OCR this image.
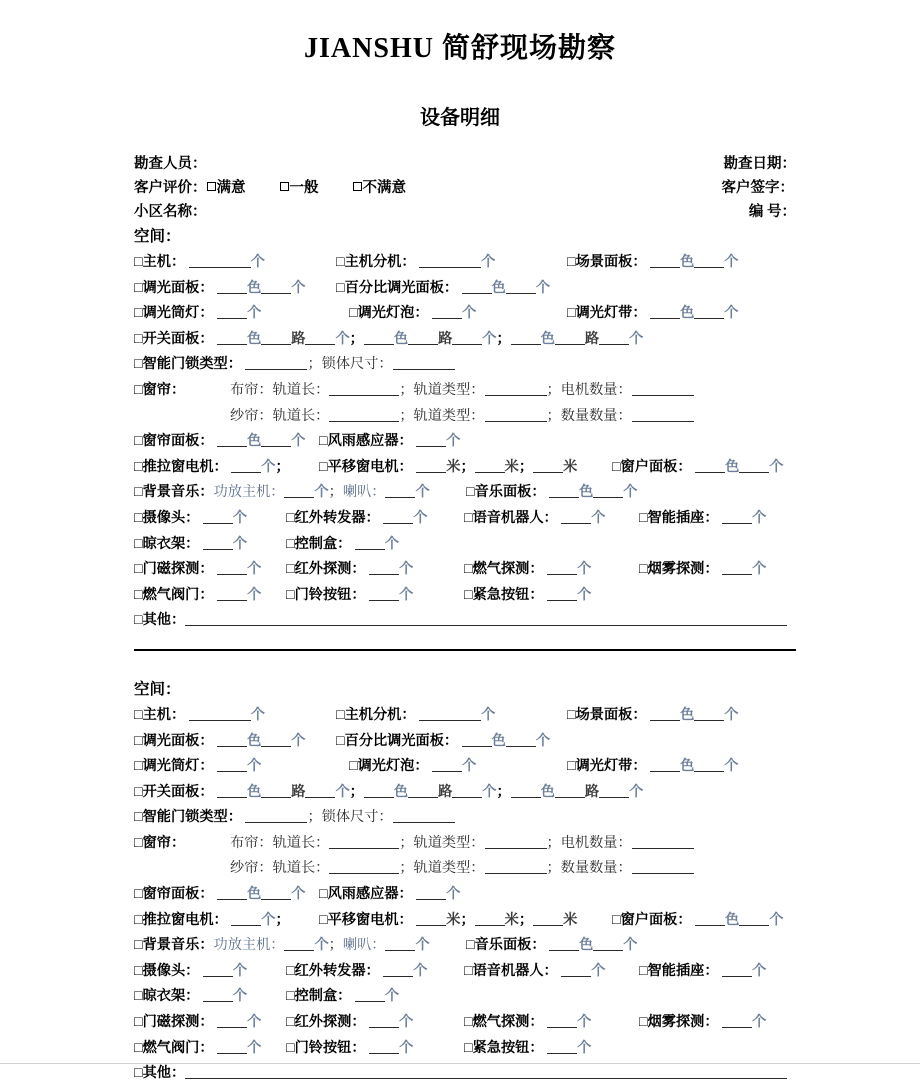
JIANSHU 简舒现场勘察
设备明细
勘查人员：	勘查日期：
客户评价： 满意	一般	不满意	客户签字：
小区名称：	编 号：
空间：
□主机：	个	□主机分机：	个	□场景面板： 色 个
□调光面板： 色 个 □百分比调光面板： 色 个
□调光筒灯： 个	□调光灯泡： 个	□调光灯带： 色 个
□开关面板： 色 路 个； 色 路 个； 色 路 个
□智能门锁类型：	；锁体尺寸：
□窗帘：	布帘：轨道长：	；轨道类型：	；电机数量：
纱帘：轨道长：	；轨道类型：	；数量数量：
□窗帘面板： 色 个 □风雨感应器： 个
□推拉窗电机： 个； □平移窗电机： 米； 米； 米 □窗户面板： 色 个
□背景音乐：功放主机： 个；喇叭： 个	□音乐面板： 色 个
□摄像头： 个	□红外转发器： 个	□语音机器人： 个 □智能插座： 个
□晾衣架： 个	□控制盒： 个
□门磁探测： 个 □红外探测： 个	□燃气探测： 个	□烟雾探测： 个
□燃气阀门： 个 □门铃按钮： 个	□紧急按钮： 个
□其他：
空间：
□主机：	个	□主机分机：	个	□场景面板： 色 个
□调光面板： 色 个 □百分比调光面板： 色 个
□调光筒灯： 个	□调光灯泡： 个	□调光灯带： 色 个
□开关面板： 色 路 个； 色 路 个； 色 路 个
□智能门锁类型：	；锁体尺寸：
□窗帘：	布帘：轨道长：	；轨道类型：	；电机数量：
纱帘：轨道长：	；轨道类型：	；数量数量：
□窗帘面板： 色 个 □风雨感应器： 个
□推拉窗电机： 个； □平移窗电机： 米； 米； 米 □窗户面板： 色 个
□背景音乐：功放主机： 个；喇叭： 个	□音乐面板： 色 个
□摄像头： 个	□红外转发器： 个	□语音机器人： 个 □智能插座： 个
□晾衣架： 个	□控制盒： 个
□门磁探测： 个 □红外探测： 个	□燃气探测： 个	□烟雾探测： 个
□燃气阀门： 个 □门铃按钮： 个	□紧急按钮： 个
□其他：
